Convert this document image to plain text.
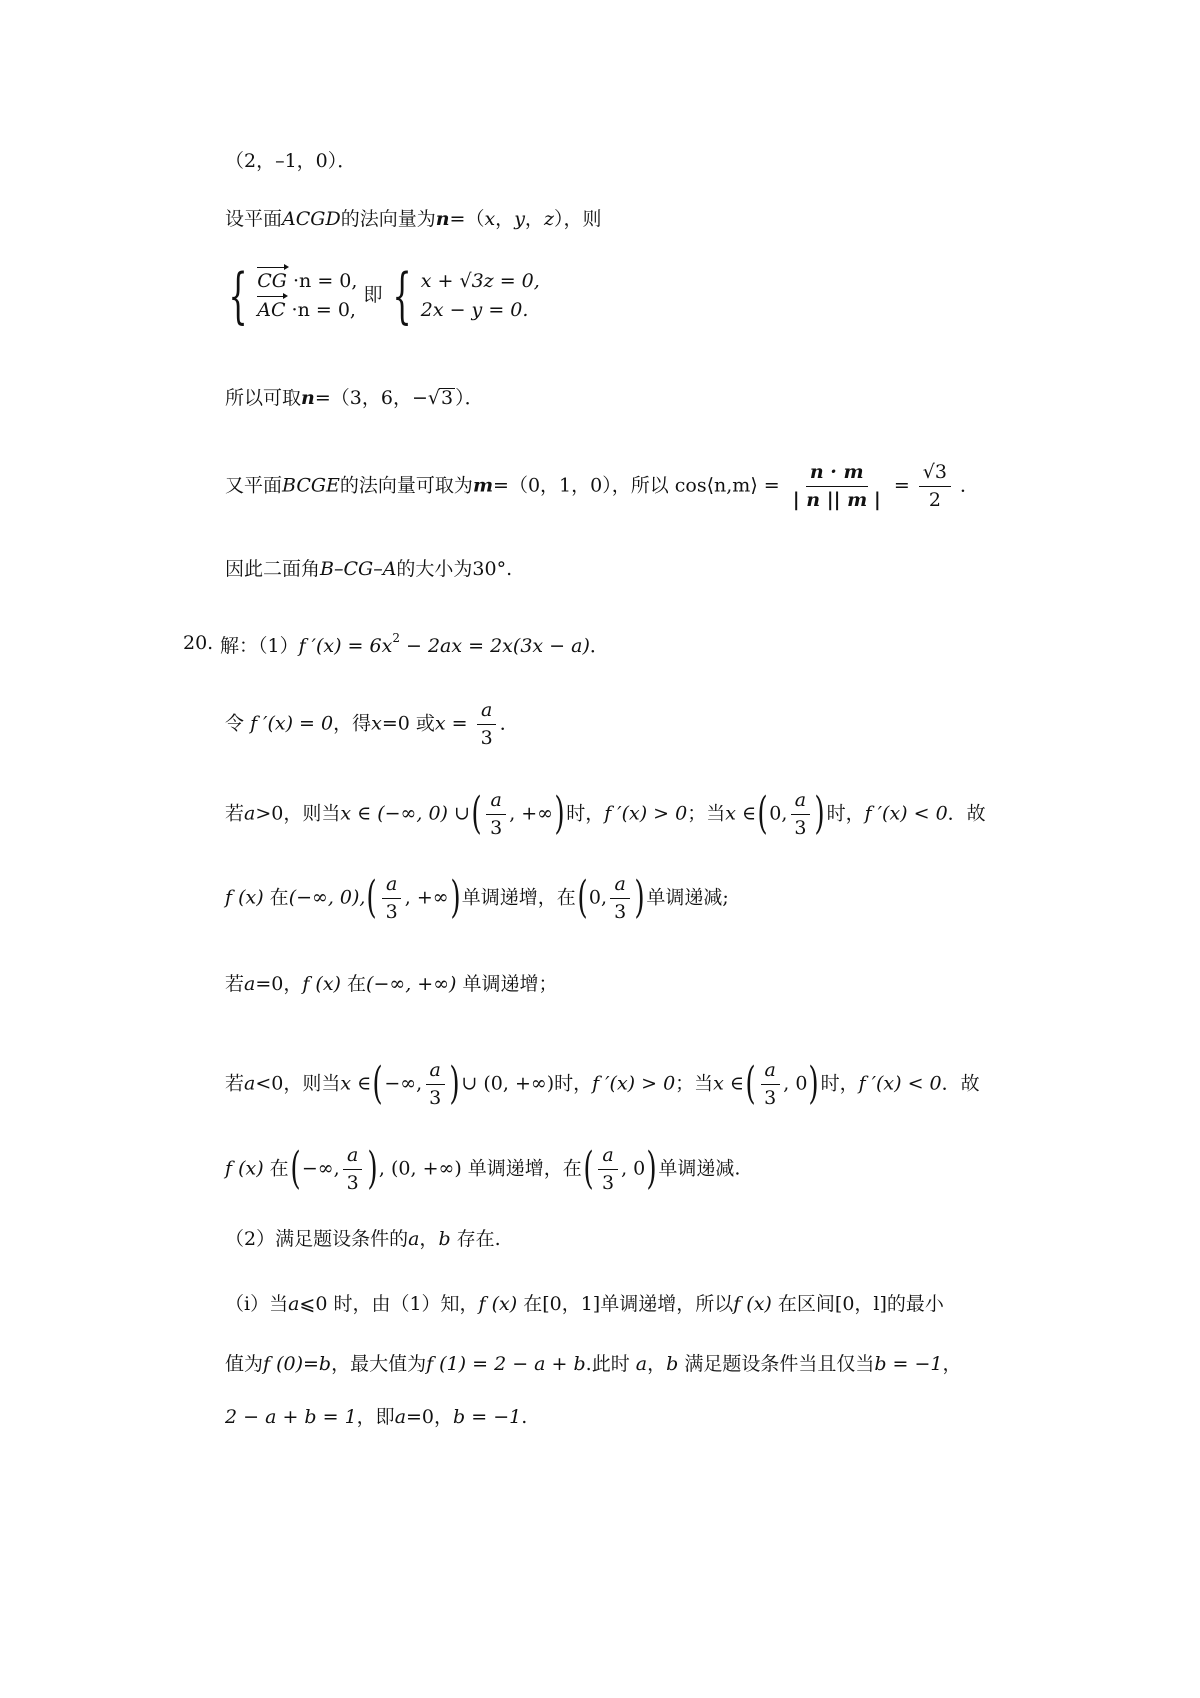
（2，–1，0）．
设平面ACGD的法向量为n=（x，y，z），则
{ CG ·n = 0,
AC ·n = 0,
即 { x + √3z = 0,
2x − y = 0.
所以可取n=（3，6，−√3 ）．
又平面BCGE的法向量可取为m=（0，1，0），所以 cos⟨n,m⟩ = $\frac{n \cdot m}{| n || m |} = \frac{√3}{2}$ ．
因此二面角B–CG–A的大小为30°.
20. 解：（1）f $'(x) = 6x^2 - 2ax = 2x(3x - a)$．
令 f ′(x) = 0，得x=0 或$x = \frac{a}{3}$ ．
若a>0，则当x ∈ (−∞, 0) ∪( $\frac{a}{3}$ , +∞)时，f ′(x) > 0；当x ∈(0, $\frac{a}{3}$ )时，f ′(x) < 0．故
f (x) 在(−∞, $0),( \frac{a}{3}$ , +∞)单调递增，在(0, $\frac{a}{3}$ )单调递减;
若a=0，f (x) 在(−∞, +∞) 单调递增；
若a<0，则当x ∈(−∞, $\frac{a}{3}$ )∪ (0, +∞)时，f ′(x) > 0；当x ∈( $\frac{a}{3}$ , 0)时，f ′(x) < 0．故
f (x) 在(−∞, $\frac{a}{3}$ ), (0, +∞) 单调递增，在( $\frac{a}{3}$ , 0)单调递减.
（2）满足题设条件的a，b 存在.
（i）当a⩽0 时，由（1）知，f (x) 在[0，1]单调递增，所以f (x) 在区间[0，l]的最小
值为f (0)=b，最大值为f (1) = 2 − a + b.此时 a，b 满足题设条件当且仅当b = −1，
2 − a + b = 1，即a=0，b = −1.
